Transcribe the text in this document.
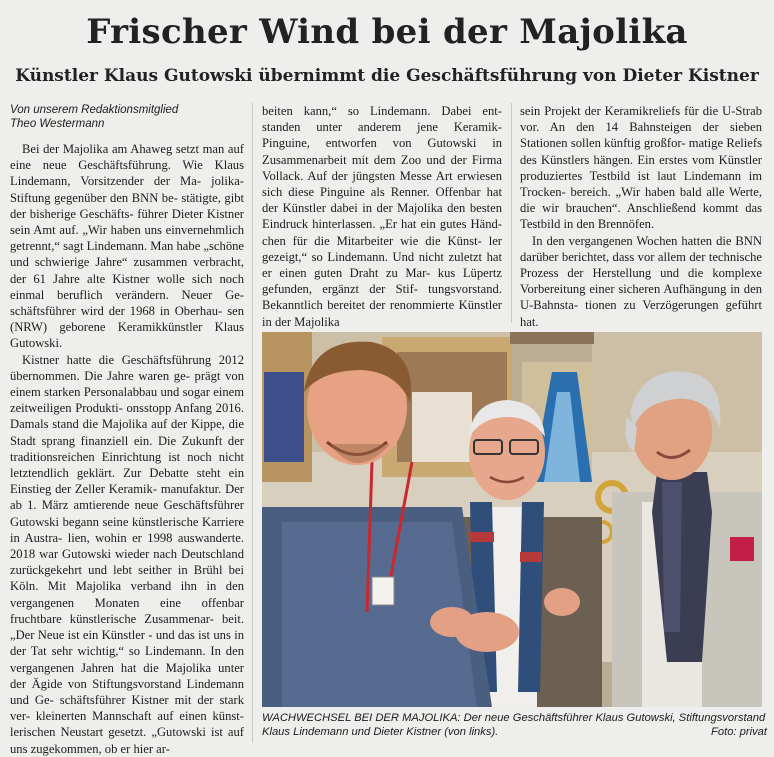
Frischer Wind bei der Majolika
Künstler Klaus Gutowski übernimmt die Geschäftsführung von Dieter Kistner
Von unserem Redaktionsmitglied
Theo Westermann

Bei der Majolika am Ahaweg setzt man auf eine neue Geschäftsführung. Wie Klaus Lindemann, Vorsitzender der Ma- jolika-Stiftung gegenüber den BNN be- stätigte, gibt der bisherige Geschäfts- führer Dieter Kistner sein Amt auf. „Wir haben uns einvernehmlich getrennt,“ sagt Lindemann. Man habe „schöne und schwierige Jahre“ zusammen verbracht, der 61 Jahre alte Kistner wolle sich noch einmal beruflich verändern. Neuer Ge- schäftsführer wird der 1968 in Oberhau- sen (NRW) geborene Keramikkünstler Klaus Gutowski.

Kistner hatte die Geschäftsführung 2012 übernommen. Die Jahre waren ge- prägt von einem starken Personalabbau und sogar einem zeitweiligen Produkti- onsstopp Anfang 2016. Damals stand die Majolika auf der Kippe, die Stadt sprang finanziell ein. Die Zukunft der traditionsreichen Einrichtung ist noch nicht letztendlich geklärt. Zur Debatte steht ein Einstieg der Zeller Keramik- manufaktur. Der ab 1. März amtierende neue Geschäftsführer Gutowski begann seine künstlerische Karriere in Austra- lien, wohin er 1998 auswanderte. 2018 war Gutowski wieder nach Deutschland zurückgekehrt und lebt seither in Brühl bei Köln. Mit Majolika verband ihn in den vergangenen Monaten eine offenbar fruchtbare künstlerische Zusammenar- beit. „Der Neue ist ein Künstler - und das ist uns in der Tat sehr wichtig,“ so Lindemann. In den vergangenen Jahren hat die Majolika unter der Ägide von Stiftungsvorstand Lindemann und Ge- schäftsführer Kistner mit der stark ver- kleinerten Mannschaft auf einen künst- lerischen Neustart gesetzt. „Gutowski ist auf uns zugekommen, ob er hier ar-

beiten kann,“ so Lindemann. Dabei ent- standen unter anderem jene Keramik- Pinguine, entworfen von Gutowski in Zusammenarbeit mit dem Zoo und der Firma Vollack. Auf der jüngsten Messe Art erwiesen sich diese Pinguine als Renner. Offenbar hat der Künstler dabei in der Majolika den besten Eindruck hinterlassen. „Er hat ein gutes Händ- chen für die Mitarbeiter wie die Künst- ler gezeigt,“ so Lindemann. Und nicht zuletzt hat er einen guten Draht zu Mar- kus Lüpertz gefunden, ergänzt der Stif- tungsvorstand. Bekanntlich bereitet der renommierte Künstler in der Majolika

sein Projekt der Keramikreliefs für die U-Strab vor. An den 14 Bahnsteigen der sieben Stationen sollen künftig großfor- matige Reliefs des Künstlers hängen. Ein erstes vom Künstler produziertes Testbild ist laut Lindemann im Trocken- bereich. „Wir haben bald alle Werte, die wir brauchen“. Anschließend kommt das Testbild in den Brennöfen.

In den vergangenen Wochen hatten die BNN darüber berichtet, dass vor allem der technische Prozess der Herstellung und die komplexe Vorbereitung einer sicheren Aufhängung in den U-Bahnsta- tionen zu Verzögerungen geführt hat.

WACHWECHSEL BEI DER MAJOLIKA: Der neue Geschäftsführer Klaus Gutowski, Stiftungsvorstand Klaus Lindemann und Dieter Kistner (von links).	Foto: privat
